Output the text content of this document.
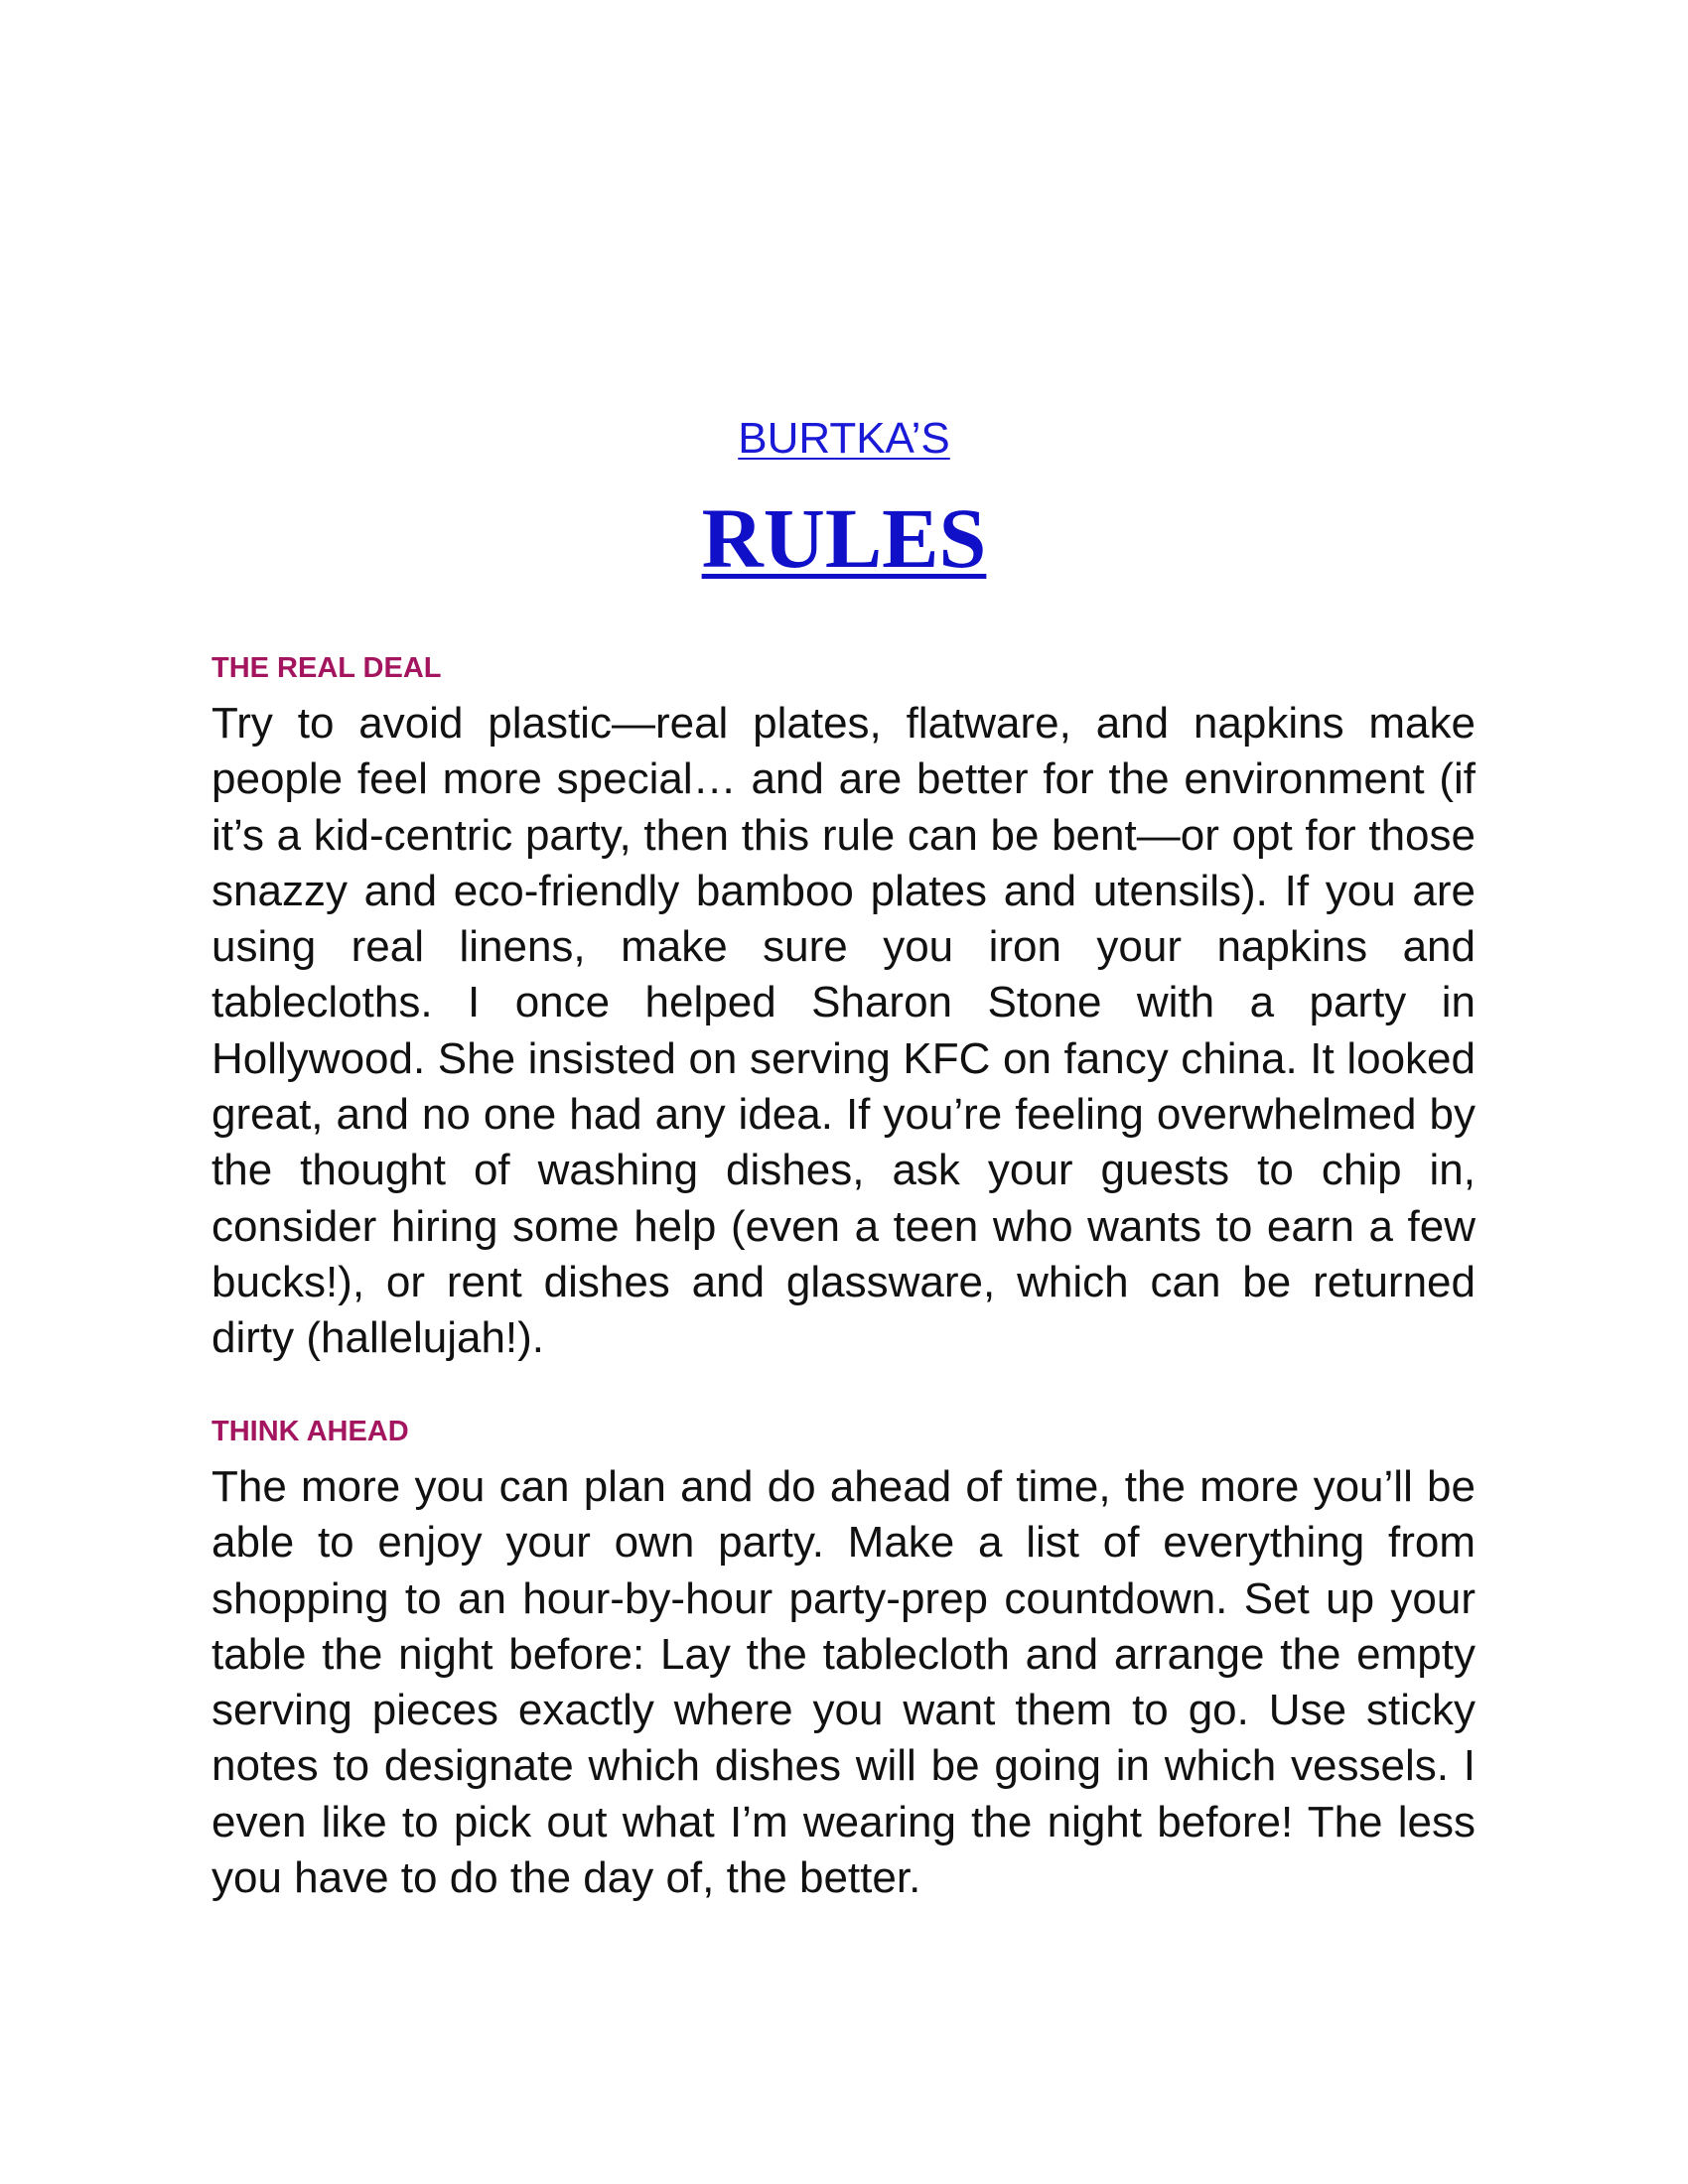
BURTKA’S
RULES
THE REAL DEAL

Try to avoid plastic—real plates, flatware, and napkins make people feel more special… and are better for the environment (if it’s a kid-centric party, then this rule can be bent—or opt for those snazzy and eco-friendly bamboo plates and utensils). If you are using real linens, make sure you iron your napkins and tablecloths. I once helped Sharon Stone with a party in Hollywood. She insisted on serving KFC on fancy china. It looked great, and no one had any idea. If you’re feeling overwhelmed by the thought of washing dishes, ask your guests to chip in, consider hiring some help (even a teen who wants to earn a few bucks!), or rent dishes and glassware, which can be returned dirty (hallelujah!).

THINK AHEAD

The more you can plan and do ahead of time, the more you’ll be able to enjoy your own party. Make a list of everything from shopping to an hour-by-hour party-prep countdown. Set up your table the night before: Lay the tablecloth and arrange the empty serving pieces exactly where you want them to go. Use sticky notes to designate which dishes will be going in which vessels. I even like to pick out what I’m wearing the night before! The less you have to do the day of, the better.
